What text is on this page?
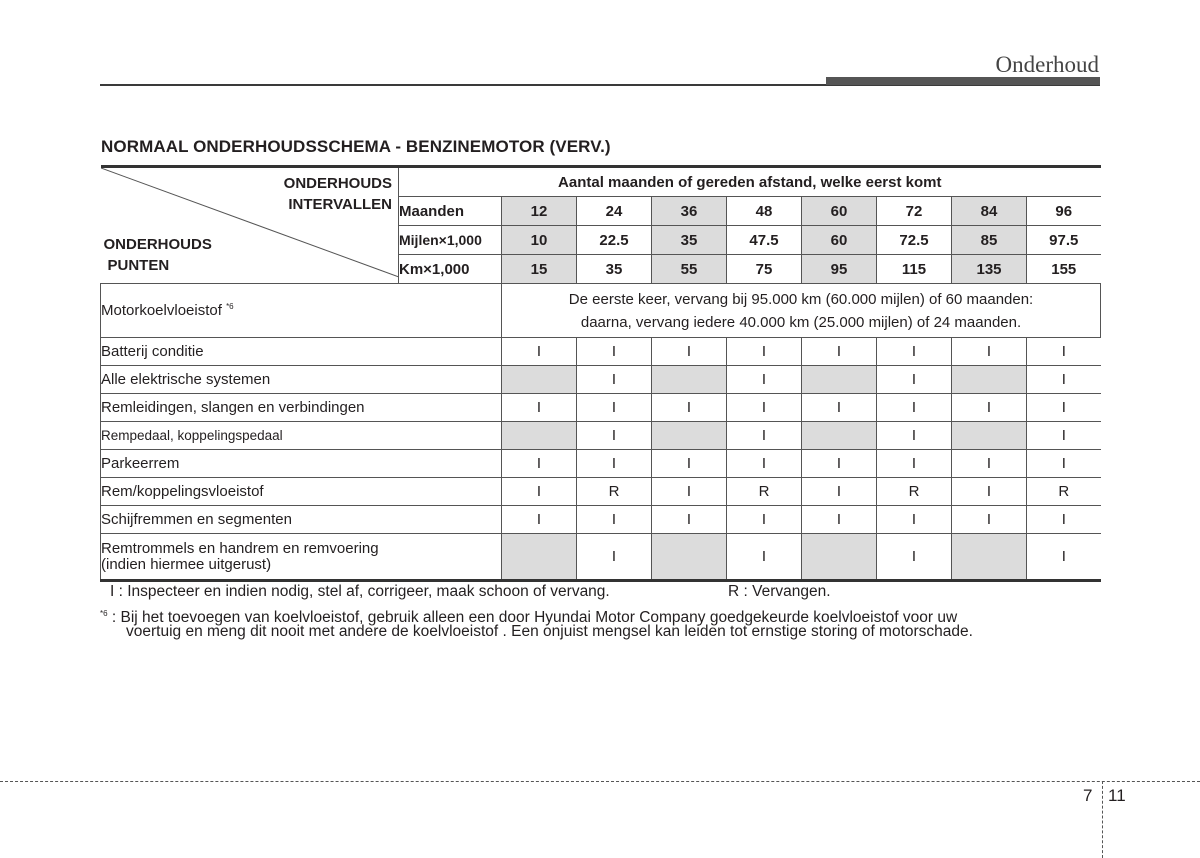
Onderhoud
NORMAAL ONDERHOUDSSCHEMA - BENZINEMOTOR (VERV.)
ONDERHOUDS
INTERVALLEN
ONDERHOUDS
PUNTEN	Aantal maanden of gereden afstand, welke eerst komt								
	Maanden	12	24	36	48	60	72	84	96
	Mijlen×1,000	10	22.5	35	47.5	60	72.5	85	97.5
	Km×1,000	15	35	55	75	95	115	135	155
Motorkoelvloeistof $^{*6}$		De eerste keer, vervang bij 95.000 km (60.000 mijlen) of 60 maanden:
daarna, vervang iedere 40.000 km (25.000 mijlen) of 24 maanden.							

Batterij conditie		I	I	I	I	I	I	I	I
Alle elektrische systemen			I		I		I		I
Remleidingen, slangen en verbindingen		I	I	I	I	I	I	I	I
Rempedaal, koppelingspedaal			I		I		I		I
Parkeerrem		I	I	I	I	I	I	I	I
Rem/koppelingsvloeistof		I	R	I	R	I	R	I	R
Schijfremmen en segmenten		I	I	I	I	I	I	I	I

Remtrommels en handrem en remvoering
(indien hiermee uitgerust)			I		I		I		I
I : Inspecteer en indien nodig, stel af, corrigeer, maak schoon of vervang.	R : Vervangen.
$^{*6}$ : Bij het toevoegen van koelvloeistof, gebruik alleen een door Hyundai Motor Company goedgekeurde koelvloeistof voor uw
voertuig en meng dit nooit met andere de koelvloeistof . Een onjuist mengsel kan leiden tot ernstige storing of motorschade.
7 11
